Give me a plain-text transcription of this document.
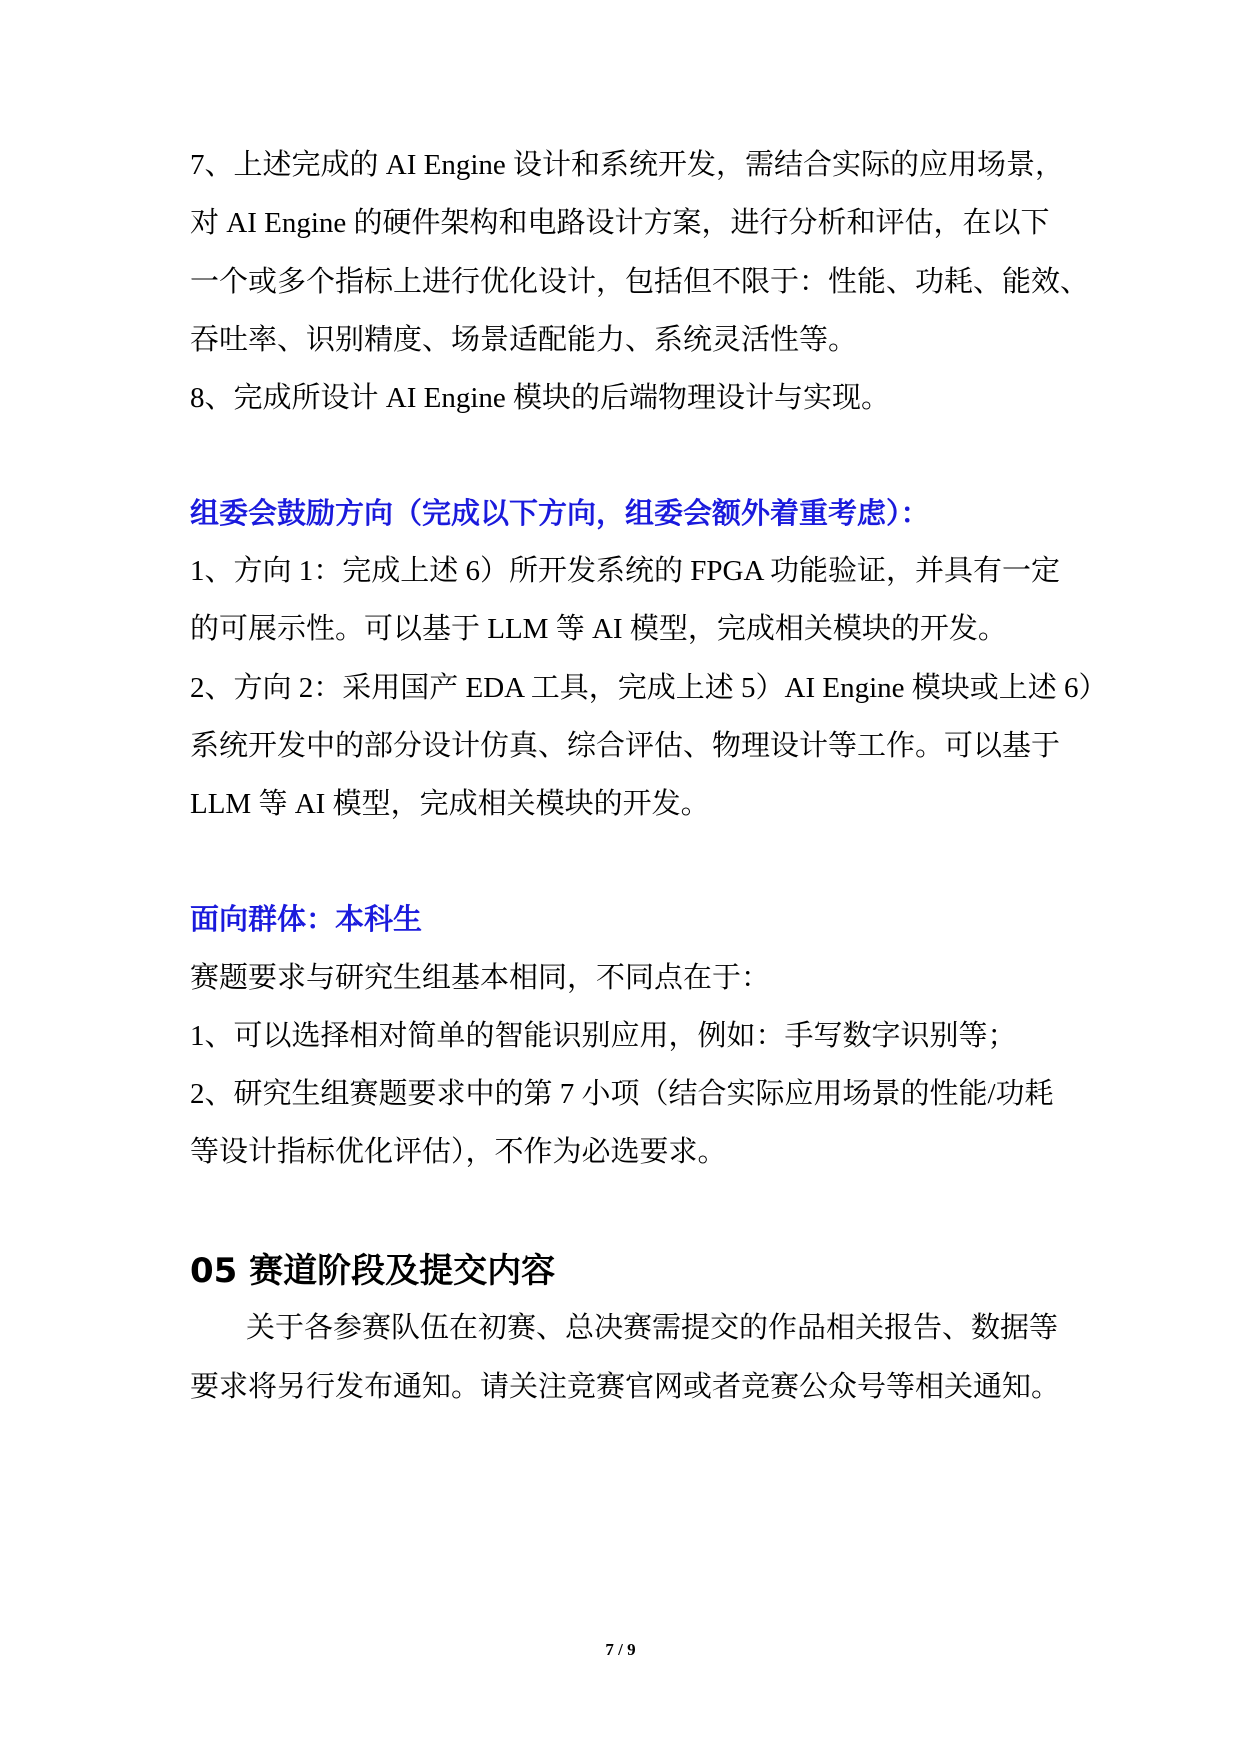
7、上述完成的 AI Engine 设计和系统开发，需结合实际的应用场景，
对 AI Engine 的硬件架构和电路设计方案，进行分析和评估，在以下
一个或多个指标上进行优化设计，包括但不限于：性能、功耗、能效、
吞吐率、识别精度、场景适配能力、系统灵活性等。
8、完成所设计 AI Engine 模块的后端物理设计与实现。
组委会鼓励方向（完成以下方向，组委会额外着重考虑）：
1、方向 1：完成上述 6）所开发系统的 FPGA 功能验证，并具有一定
的可展示性。可以基于 LLM 等 AI 模型，完成相关模块的开发。
2、方向 2：采用国产 EDA 工具，完成上述 5）AI Engine 模块或上述 6）
系统开发中的部分设计仿真、综合评估、物理设计等工作。可以基于
LLM 等 AI 模型，完成相关模块的开发。
面向群体：本科生
赛题要求与研究生组基本相同，不同点在于：
1、可以选择相对简单的智能识别应用，例如：手写数字识别等；
2、研究生组赛题要求中的第 7 小项（结合实际应用场景的性能/功耗
等设计指标优化评估），不作为必选要求。
05 赛道阶段及提交内容
关于各参赛队伍在初赛、总决赛需提交的作品相关报告、数据等
要求将另行发布通知。请关注竞赛官网或者竞赛公众号等相关通知。
7 / 9
